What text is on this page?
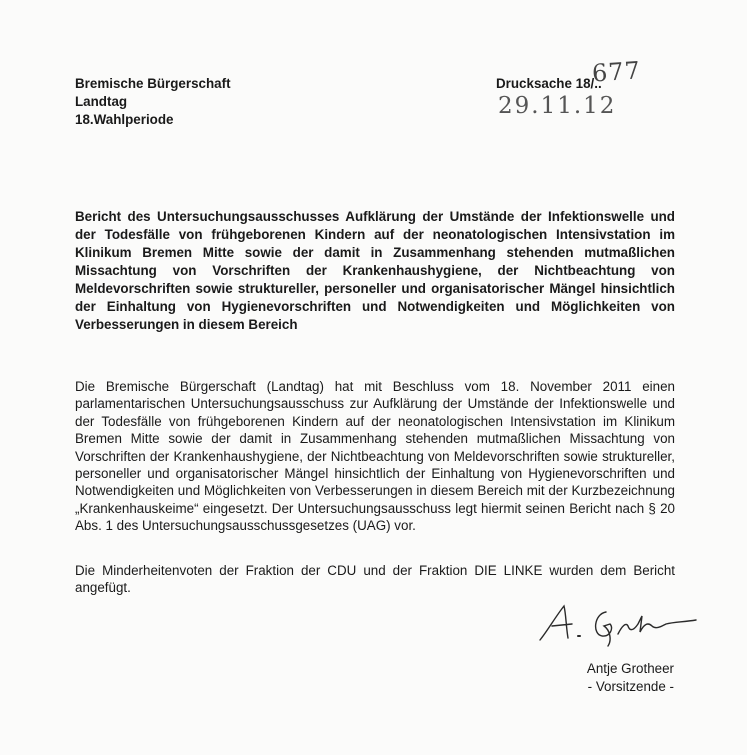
Bremische Bürgerschaft
Landtag
18.Wahlperiode
Drucksache 18/..
677
29.11.12
Bericht des Untersuchungsausschusses Aufklärung der Umstände der Infektionswelle und der Todesfälle von frühgeborenen Kindern auf der neonatologischen Intensivstation im Klinikum Bremen Mitte sowie der damit in Zusammenhang stehenden mutmaßlichen Missachtung von Vorschriften der Krankenhaushygiene, der Nichtbeachtung von Meldevorschriften sowie struktureller, personeller und organisatorischer Mängel hinsichtlich der Einhaltung von Hygienevorschriften und Notwendigkeiten und Möglichkeiten von Verbesserungen in diesem Bereich
Die Bremische Bürgerschaft (Landtag) hat mit Beschluss vom 18. November 2011 einen parlamentarischen Untersuchungsausschuss zur Aufklärung der Umstände der Infektionswelle und der Todesfälle von frühgeborenen Kindern auf der neonatologischen Intensivstation im Klinikum Bremen Mitte sowie der damit in Zusammenhang stehenden mutmaßlichen Missachtung von Vorschriften der Krankenhaushygiene, der Nichtbeachtung von Meldevorschriften sowie struktureller, personeller und organisatorischer Mängel hinsichtlich der Einhaltung von Hygienevorschriften und Notwendigkeiten und Möglichkeiten von Verbesserungen in diesem Bereich mit der Kurzbezeichnung „Krankenhauskeime“ eingesetzt. Der Untersuchungsausschuss legt hiermit seinen Bericht nach § 20 Abs. 1 des Untersuchungsausschussgesetzes (UAG) vor.
Die Minderheitenvoten der Fraktion der CDU und der Fraktion DIE LINKE wurden dem Bericht angefügt.
Antje Grotheer
- Vorsitzende -
